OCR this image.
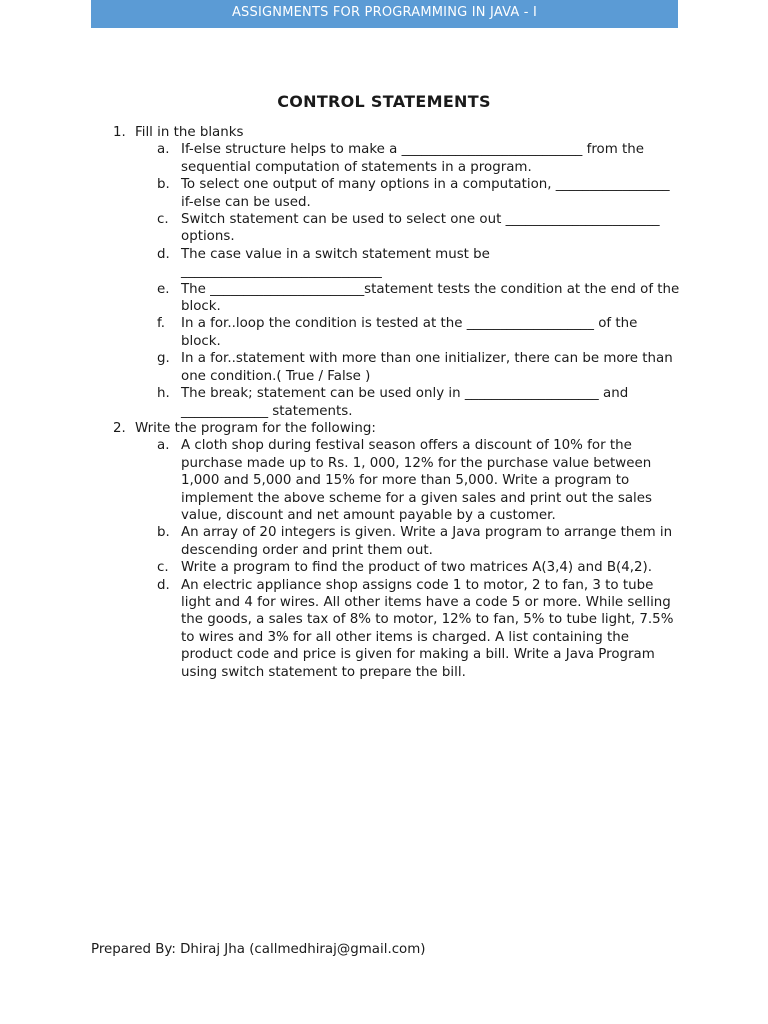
ASSIGNMENTS FOR PROGRAMMING IN JAVA - I
CONTROL STATEMENTS
1. Fill in the blanks
a. If-else structure helps to make a ___________________________ from the sequential computation of statements in a program.
b. To select one output of many options in a computation, _________________ if-else can be used.
c. Switch statement can be used to select one out _______________________ options.
d. The case value in a switch statement must be ______________________________
e. The _______________________statement tests the condition at the end of the block.
f. In a for..loop the condition is tested at the ___________________ of the block.
g. In a for..statement with more than one initializer, there can be more than one condition.( True / False )
h. The break; statement can be used only in ____________________ and _____________ statements.
2. Write the program for the following:
a. A cloth shop during festival season offers a discount of 10% for the purchase made up to Rs. 1, 000, 12% for the purchase value between 1,000 and 5,000 and 15% for more than 5,000. Write a program to implement the above scheme for a given sales and print out the sales value, discount and net amount payable by a customer.
b. An array of 20 integers is given. Write a Java program to arrange them in descending order and print them out.
c. Write a program to find the product of two matrices A(3,4) and B(4,2).
d. An electric appliance shop assigns code 1 to motor, 2 to fan, 3 to tube light and 4 for wires. All other items have a code 5 or more. While selling the goods, a sales tax of 8% to motor, 12% to fan, 5% to tube light, 7.5% to wires and 3% for all other items is charged. A list containing the product code and price is given for making a bill. Write a Java Program using switch statement to prepare the bill.
Prepared By: Dhiraj Jha (callmedhiraj@gmail.com)
